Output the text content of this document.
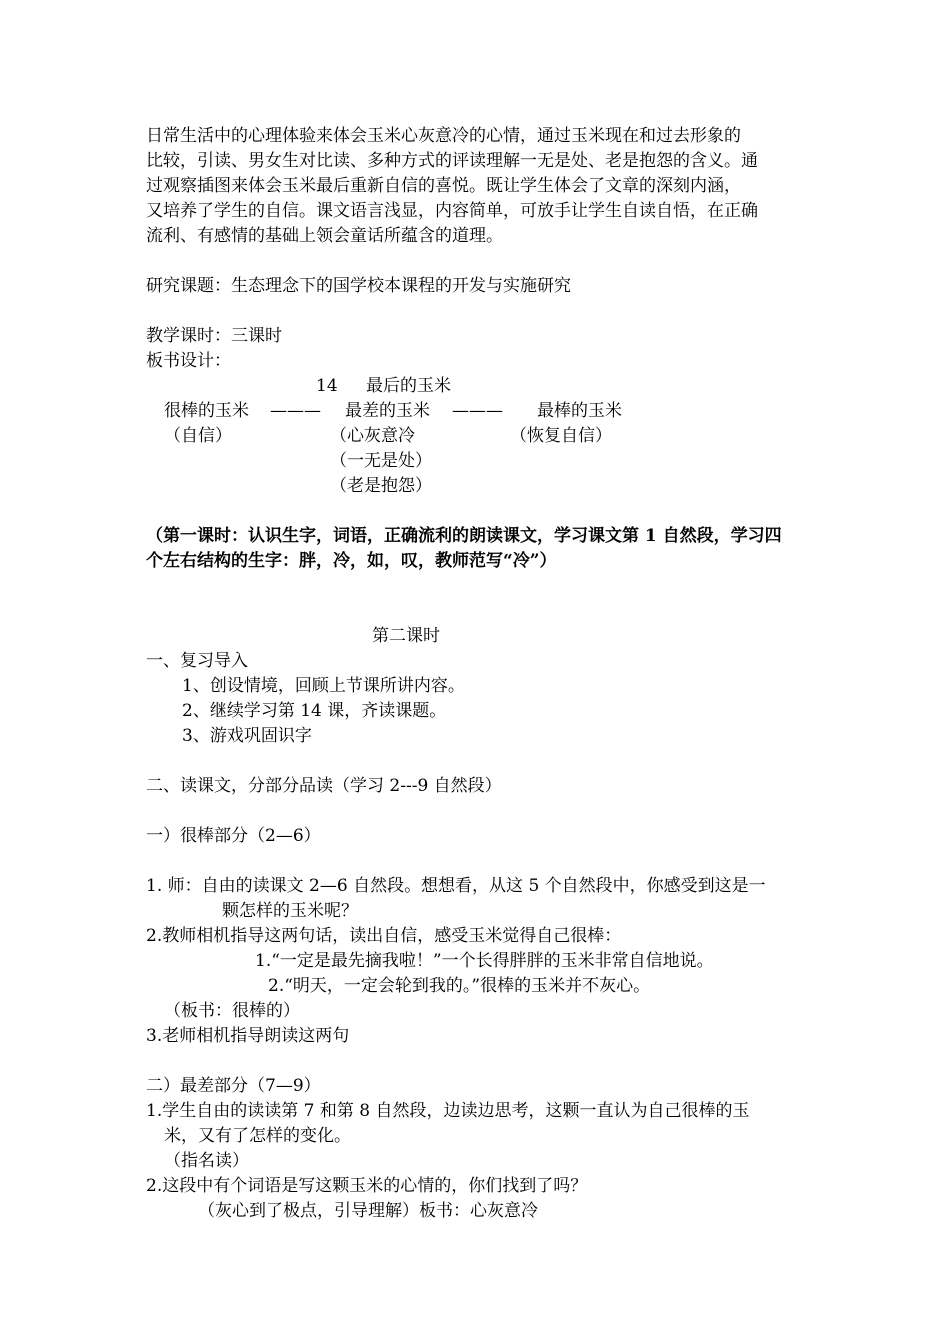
日常生活中的心理体验来体会玉米心灰意冷的心情，通过玉米现在和过去形象的
比较，引读、男女生对比读、多种方式的评读理解一无是处、老是抱怨的含义。通
过观察插图来体会玉米最后重新自信的喜悦。既让学生体会了文章的深刻内涵，
又培养了学生的自信。课文语言浅显，内容简单，可放手让学生自读自悟，在正确
流利、有感情的基础上领会童话所蕴含的道理。
研究课题：生态理念下的国学校本课程的开发与实施研究
教学课时：三课时
板书设计：
14 最后的玉米
很棒的玉米 ——— 最差的玉米 ——— 最棒的玉米
（自信）	（心灰意冷	（恢复自信）
（一无是处）
（老是抱怨）
（第一课时：认识生字，词语，正确流利的朗读课文，学习课文第 1 自然段，学习四
个左右结构的生字：胖，冷，如，叹，教师范写“冷”）
第二课时
一、复习导入
1、创设情境，回顾上节课所讲内容。
2、继续学习第 14 课，齐读课题。
3、游戏巩固识字
二、读课文，分部分品读（学习 2---9 自然段）
一）很棒部分（2—6）
1. 师：自由的读课文 2—6 自然段。想想看，从这 5 个自然段中，你感受到这是一
颗怎样的玉米呢？
2.教师相机指导这两句话，读出自信，感受玉米觉得自己很棒：
1.“一定是最先摘我啦！”一个长得胖胖的玉米非常自信地说。
2.“明天，一定会轮到我的。”很棒的玉米并不灰心。
（板书：很棒的）
3.老师相机指导朗读这两句
二）最差部分（7—9）
1.学生自由的读读第 7 和第 8 自然段，边读边思考，这颗一直认为自己很棒的玉
米，又有了怎样的变化。
（指名读）
2.这段中有个词语是写这颗玉米的心情的，你们找到了吗？
（灰心到了极点，引导理解）板书：心灰意冷
